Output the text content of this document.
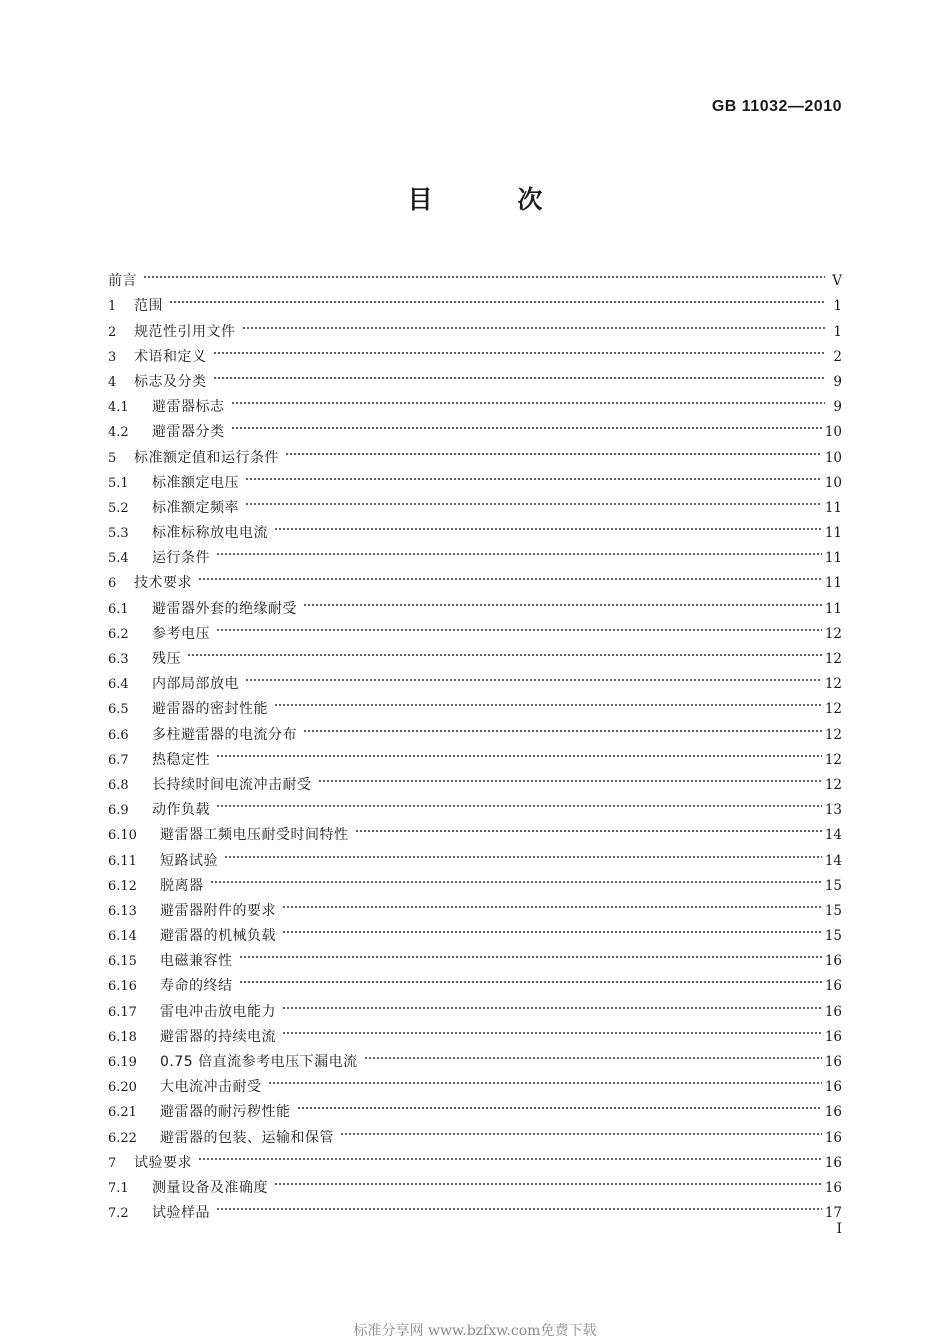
GB 11032—2010
目 次
前言	V
1	范围	1
2	规范性引用文件	1
3	术语和定义	2
4	标志及分类	9
4.1	避雷器标志	9
4.2	避雷器分类	10
5	标准额定值和运行条件	10
5.1	标准额定电压	10
5.2	标准额定频率	11
5.3	标准标称放电电流	11
5.4	运行条件	11
6	技术要求	11
6.1	避雷器外套的绝缘耐受	11
6.2	参考电压	12
6.3	残压	12
6.4	内部局部放电	12
6.5	避雷器的密封性能	12
6.6	多柱避雷器的电流分布	12
6.7	热稳定性	12
6.8	长持续时间电流冲击耐受	12
6.9	动作负载	13
6.10	避雷器工频电压耐受时间特性	14
6.11	短路试验	14
6.12	脱离器	15
6.13	避雷器附件的要求	15
6.14	避雷器的机械负载	15
6.15	电磁兼容性	16
6.16	寿命的终结	16
6.17	雷电冲击放电能力	16
6.18	避雷器的持续电流	16
6.19	0.75 倍直流参考电压下漏电流	16
6.20	大电流冲击耐受	16
6.21	避雷器的耐污秽性能	16
6.22	避雷器的包装、运输和保管	16
7	试验要求	16
7.1	测量设备及准确度	16
7.2	试验样品	17
I
标准分享网 www.bzfxw.com免费下载
